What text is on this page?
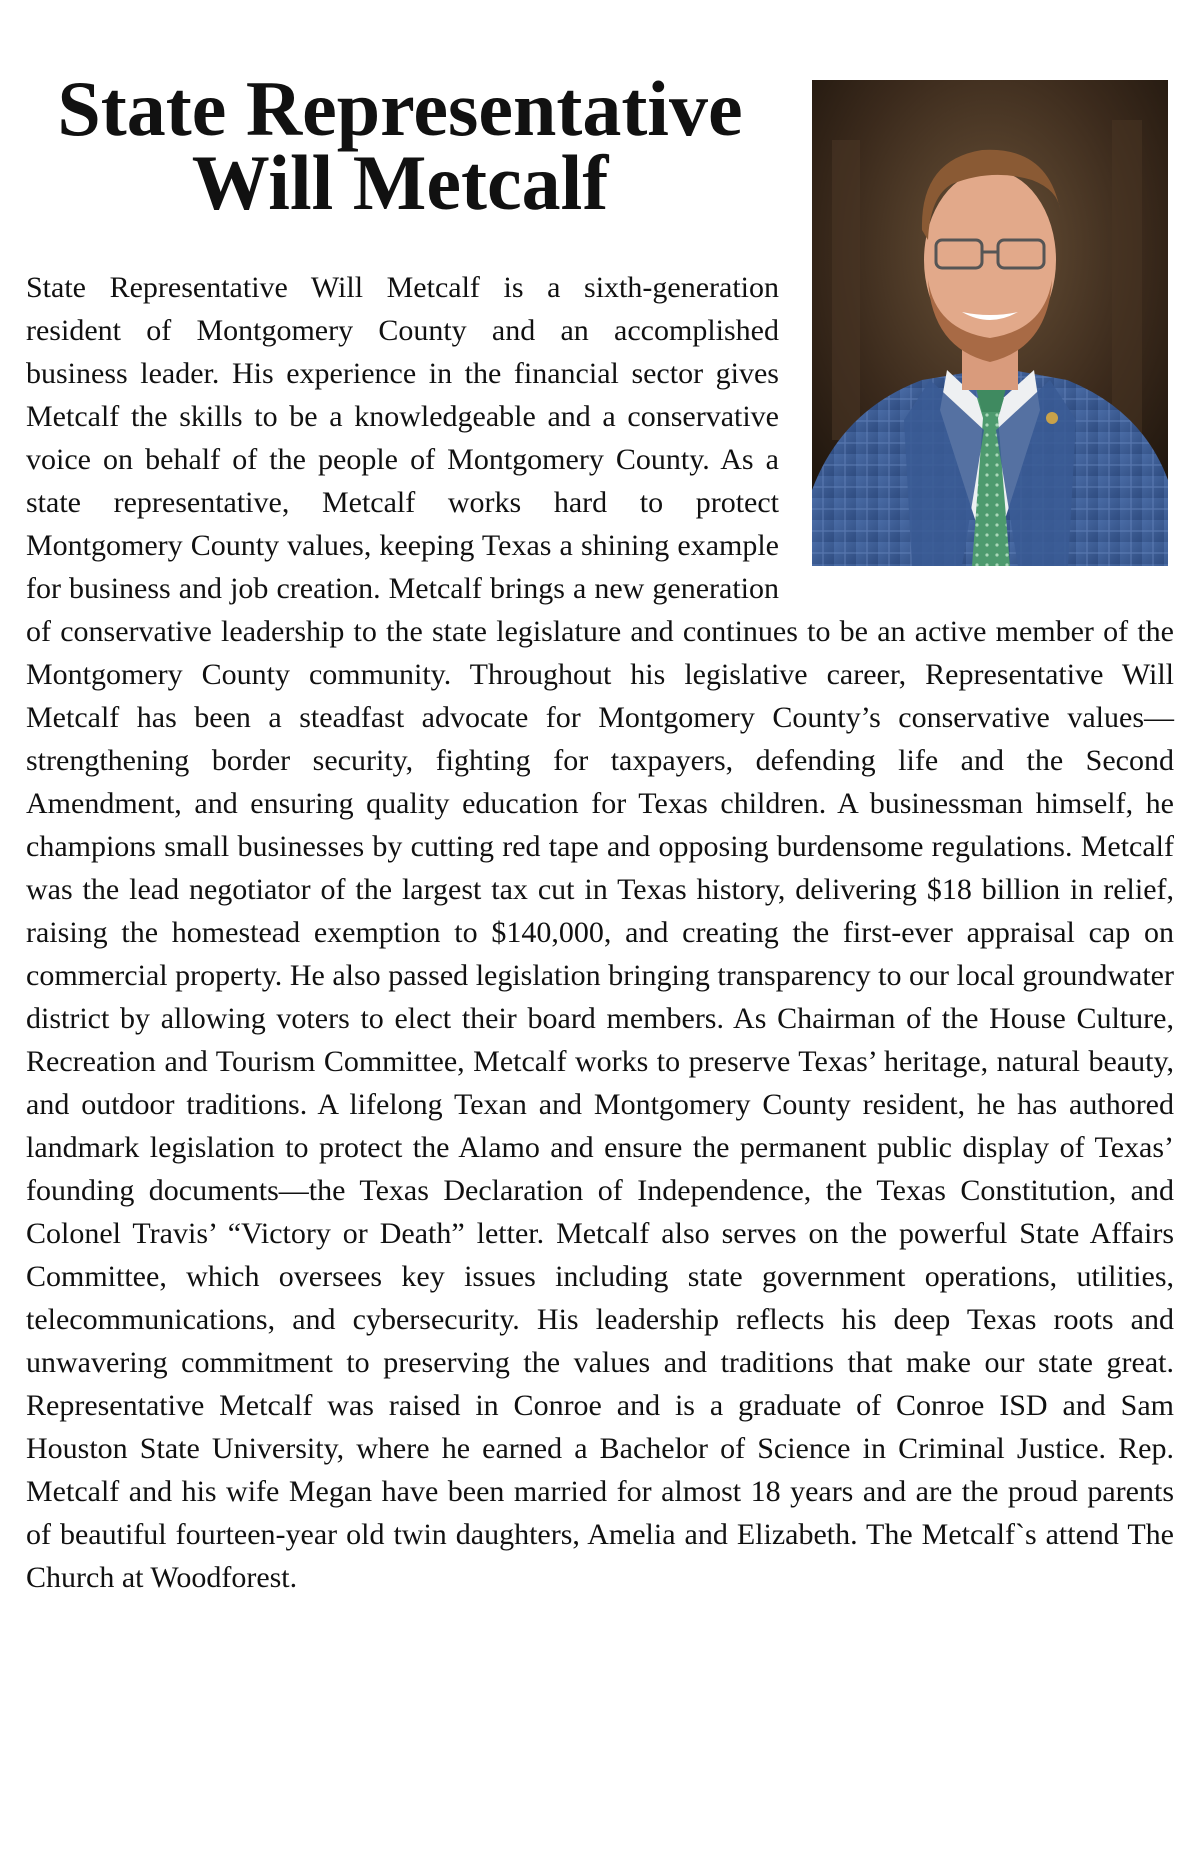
State Representative
Will Metcalf

State Representative Will Metcalf is a sixth-generation resident of Montgomery County and an accomplished business leader. His experience in the financial sector gives Metcalf the skills to be a knowledgeable and a conservative voice on behalf of the people of Montgomery County. As a state representative, Metcalf works hard to protect Montgomery County values, keeping Texas a shining example for business and job creation. Metcalf brings a new generation of conservative leadership to the state legislature and continues to be an active member of the Montgomery County community. Throughout his legislative career, Representative Will Metcalf has been a steadfast advocate for Montgomery County’s conservative values—strengthening border security, fighting for taxpayers, defending life and the Second Amendment, and ensuring quality education for Texas children. A businessman himself, he champions small businesses by cutting red tape and opposing burdensome regulations. Metcalf was the lead negotiator of the largest tax cut in Texas history, delivering $18 billion in relief, raising the homestead exemption to $140,000, and creating the first-ever appraisal cap on commercial property. He also passed legislation bringing transparency to our local groundwater district by allowing voters to elect their board members. As Chairman of the House Culture, Recreation and Tourism Committee, Metcalf works to preserve Texas’ heritage, natural beauty, and outdoor traditions. A lifelong Texan and Montgomery County resident, he has authored landmark legislation to protect the Alamo and ensure the permanent public display of Texas’ founding documents—the Texas Declaration of Independence, the Texas Constitution, and Colonel Travis’ “Victory or Death” letter. Metcalf also serves on the powerful State Affairs Committee, which oversees key issues including state government operations, utilities, telecommunications, and cybersecurity. His leadership reflects his deep Texas roots and unwavering commitment to preserving the values and traditions that make our state great. Representative Metcalf was raised in Conroe and is a graduate of Conroe ISD and Sam Houston State University, where he earned a Bachelor of Science in Criminal Justice. Rep. Metcalf and his wife Megan have been married for almost 18 years and are the proud parents of beautiful fourteen-year old twin daughters, Amelia and Elizabeth. The Metcalf`s attend The Church at Woodforest.
